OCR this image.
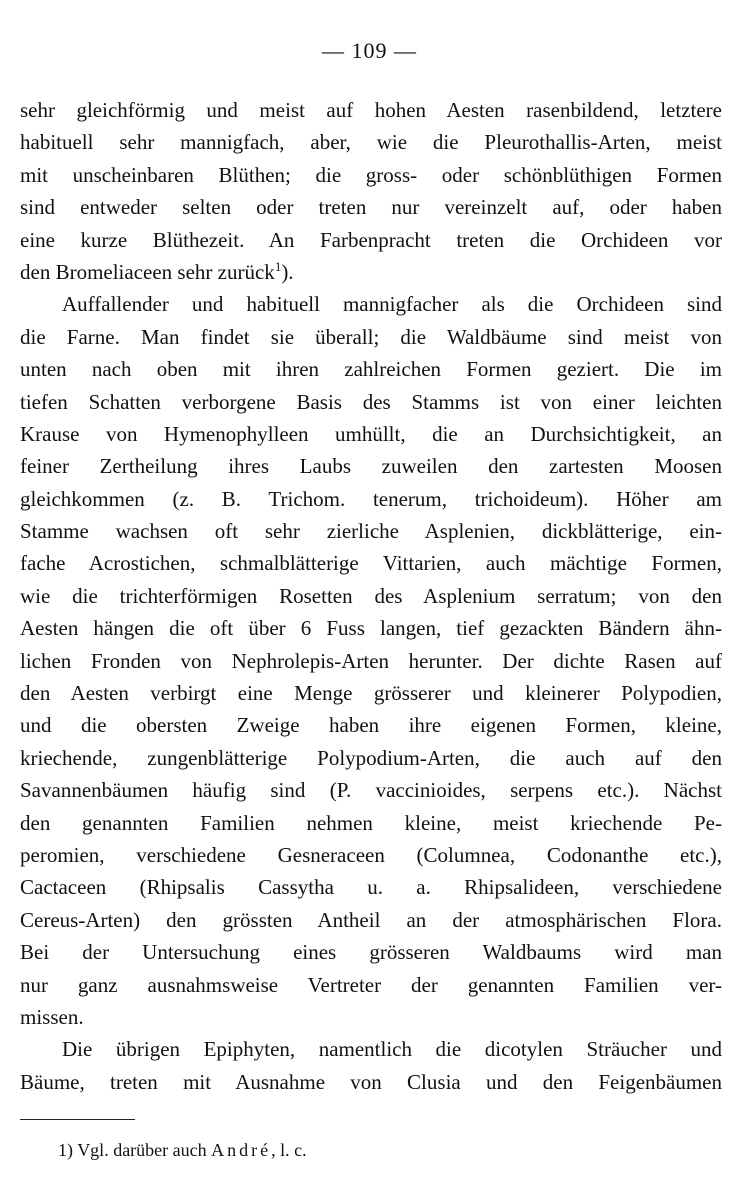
— 109 —
sehr gleichförmig und meist auf hohen Aesten rasenbildend, letztere
habituell sehr mannigfach, aber, wie die Pleurothallis-Arten, meist
mit unscheinbaren Blüthen; die gross- oder schönblüthigen Formen
sind entweder selten oder treten nur vereinzelt auf, oder haben
eine kurze Blüthezeit. An Farbenpracht treten die Orchideen vor
den Bromeliaceen sehr zurück$^1$).
Auffallender und habituell mannigfacher als die Orchideen sind
die Farne. Man findet sie überall; die Waldbäume sind meist von
unten nach oben mit ihren zahlreichen Formen geziert. Die im
tiefen Schatten verborgene Basis des Stamms ist von einer leichten
Krause von Hymenophylleen umhüllt, die an Durchsichtigkeit, an
feiner Zertheilung ihres Laubs zuweilen den zartesten Moosen
gleichkommen (z. B. Trichom. tenerum, trichoideum). Höher am
Stamme wachsen oft sehr zierliche Asplenien, dickblätterige, ein-
fache Acrostichen, schmalblätterige Vittarien, auch mächtige Formen,
wie die trichterförmigen Rosetten des Asplenium serratum; von den
Aesten hängen die oft über 6 Fuss langen, tief gezackten Bändern ähn-
lichen Fronden von Nephrolepis-Arten herunter. Der dichte Rasen auf
den Aesten verbirgt eine Menge grösserer und kleinerer Polypodien,
und die obersten Zweige haben ihre eigenen Formen, kleine,
kriechende, zungenblätterige Polypodium-Arten, die auch auf den
Savannenbäumen häufig sind (P. vaccinioides, serpens etc.). Nächst
den genannten Familien nehmen kleine, meist kriechende Pe-
peromien, verschiedene Gesneraceen (Columnea, Codonanthe etc.),
Cactaceen (Rhipsalis Cassytha u. a. Rhipsalideen, verschiedene
Cereus-Arten) den grössten Antheil an der atmosphärischen Flora.
Bei der Untersuchung eines grösseren Waldbaums wird man
nur ganz ausnahmsweise Vertreter der genannten Familien ver-
missen.
Die übrigen Epiphyten, namentlich die dicotylen Sträucher und
Bäume, treten mit Ausnahme von Clusia und den Feigenbäumen
1) Vgl. darüber auch André, l. c.
